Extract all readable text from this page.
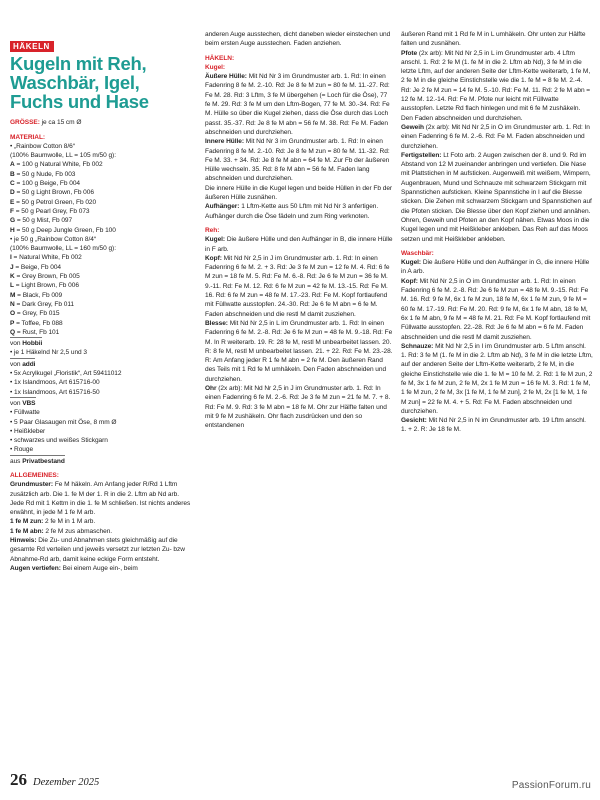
HÄKELN
Kugeln mit Reh,
Waschbär, Igel,
Fuchs und Hase

GRÖSSE: je ca 15 cm Ø

MATERIAL:

• „Rainbow Cotton 8/6“

(100% Baumwolle, LL = 105 m/50 g):

A = 100 g Natural White, Fb 002

B = 50 g Nude, Fb 003

C = 100 g Beige, Fb 004

D = 50 g Light Brown, Fb 006

E = 50 g Petrol Green, Fb 020

F = 50 g Pearl Grey, Fb 073

G = 50 g Mist, Fb 097

H = 50 g Deep Jungle Green, Fb 100

• je 50 g „Rainbow Cotton 8/4“

(100% Baumwolle, LL = 160 m/50 g):

I = Natural White, Fb 002

J = Beige, Fb 004

K = Grey Brown, Fb 005

L = Light Brown, Fb 006

M = Black, Fb 009

N = Dark Grey, Fb 011

O = Grey, Fb 015

P = Toffee, Fb 088

Q = Rust, Fb 101

von Hobbii

• je 1 Häkelnd Nr 2,5 und 3

von addi

• 5x Acrylkugel „Floristik“, Art 59411012

• 1x Islandmoos, Art 615716-00

• 1x Islandmoos, Art 615716-50

von VBS

• Füllwatte

• 5 Paar Glasaugen mit Öse, 8 mm Ø

• Heißkleber

• schwarzes und weißes Stickgarn

• Rouge

aus Privatbestand

ALLGEMEINES:

Grundmuster: Fe M häkeln. Am Anfang jeder R/Rd 1 Lftm zusätzlich arb. Die 1. fe M der 1. R in die 2. Lftm ab Nd arb. Jede Rd mit 1 Kettm in die 1. fe M schließen. Ist nichts anderes erwähnt, in jede M 1 fe M arb.

1 fe M zun: 2 fe M in 1 M arb.

1 fe M abn: 2 fe M zus abmaschen.

Hinweis: Die Zu- und Abnahmen stets gleichmäßig auf die gesamte Rd verteilen und jeweils versetzt zur letzten Zu- bzw Abnahme-Rd arb, damit keine eckige Form entsteht.

Augen vertiefen: Bei einem Auge ein-, beim

anderen Auge ausstechen, dicht daneben wieder einstechen und beim ersten Auge ausstechen. Faden anziehen.

HÄKELN:

Kugel:

Äußere Hülle: Mit Nd Nr 3 im Grundmuster arb. 1. Rd: In einen Fadenring 8 fe M. 2.-10. Rd: Je 8 fe M zun = 80 fe M. 11.-27. Rd: Fe M. 28. Rd: 3 Lftm, 3 fe M übergehen (= Loch für die Öse), 77 fe M. 29. Rd: 3 fe M um den Lftm-Bogen, 77 fe M. 30.-34. Rd: Fe M. Hülle so über die Kugel ziehen, dass die Öse durch das Loch passt. 35.-37. Rd: Je 8 fe M abn = 56 fe M. 38. Rd: Fe M. Faden abschneiden und durchziehen.

Innere Hülle: Mit Nd Nr 3 im Grundmuster arb. 1. Rd: In einen Fadenring 8 fe M. 2.-10. Rd: Je 8 fe M zun = 80 fe M. 11.-32. Rd: Fe M. 33. + 34. Rd: Je 8 fe M abn = 64 fe M. Zur Fb der äußeren Hülle wechseln. 35. Rd: 8 fe M abn = 56 fe M. Faden lang abschneiden und durchziehen.

Die innere Hülle in die Kugel legen und beide Hüllen in der Fb der äußeren Hülle zusnähen.

Aufhänger: 1 Lftm-Kette aus 50 Lftm mit Nd Nr 3 anfertigen. Aufhänger durch die Öse fädeln und zum Ring verknoten.

Reh:

Kugel: Die äußere Hülle und den Aufhänger in B, die innere Hülle in F arb.

Kopf: Mit Nd Nr 2,5 in J im Grundmuster arb. 1. Rd: In einen Fadenring 6 fe M. 2. + 3. Rd: Je 3 fe M zun = 12 fe M. 4. Rd: 6 fe M zun = 18 fe M. 5. Rd: Fe M. 6.-8. Rd: Je 6 fe M zun = 36 fe M. 9.-11. Rd: Fe M. 12. Rd: 6 fe M zun = 42 fe M. 13.-15. Rd: Fe M. 16. Rd: 6 fe M zun = 48 fe M. 17.-23. Rd: Fe M. Kopf fortlaufend mit Füllwatte ausstopfen. 24.-30. Rd: Je 6 fe M abn = 6 fe M. Faden abschneiden und die restl M damit zusziehen.

Blesse: Mit Nd Nr 2,5 in L im Grundmuster arb. 1. Rd: In einen Fadenring 6 fe M. 2.-8. Rd: Je 6 fe M zun = 48 fe M. 9.-18. Rd: Fe M. In R weiterarb. 19. R: 28 fe M, restl M unbearbeitet lassen. 20. R: 8 fe M, restl M unbearbeitet lassen. 21. + 22. Rd: Fe M. 23.-28. R: Am Anfang jeder R 1 fe M abn = 2 fe M. Den äußeren Rand des Teils mit 1 Rd fe M umhäkeln. Den Faden abschneiden und durchziehen.

Ohr (2x arb): Mit Nd Nr 2,5 in J im Grundmuster arb. 1. Rd: In einen Fadenring 6 fe M. 2.-6. Rd: Je 3 fe M zun = 21 fe M. 7. + 8. Rd: Fe M. 9. Rd: 3 fe M abn = 18 fe M. Ohr zur Hälfte falten und mit 9 fe M zushäkeln. Ohr flach zusdrücken und den so entstandenen

äußeren Rand mit 1 Rd fe M in L umhäkeln. Ohr unten zur Hälfte falten und zusnähen.

Pfote (2x arb): Mit Nd Nr 2,5 in L im Grundmuster arb. 4 Lftm anschl. 1. Rd: 2 fe M (1. fe M in die 2. Lftm ab Nd), 3 fe M in die letzte Lftm, auf der anderen Seite der Lftm-Kette weiterarb, 1 fe M, 2 fe M in die gleiche Einstichstelle wie die 1. fe M = 8 fe M. 2.-4. Rd: Je 2 fe M zun = 14 fe M. 5.-10. Rd: Fe M. 11. Rd: 2 fe M abn = 12 fe M. 12.-14. Rd: Fe M. Pfote nur leicht mit Füllwatte ausstopfen. Letzte Rd flach hinlegen und mit 6 fe M zushäkeln. Den Faden abschneiden und durchziehen.

Geweih (2x arb): Mit Nd Nr 2,5 in O im Grundmuster arb. 1. Rd: In einen Fadenring 6 fe M. 2.-6. Rd: Fe M. Faden abschneiden und durchziehen.

Fertigstellen: Lt Foto arb. 2 Augen zwischen der 8. und 9. Rd im Abstand von 12 M zueinander anbringen und vertiefen. Die Nase mit Plattstichen in M aufsticken. Augenweiß mit weißem, Wimpern, Augenbrauen, Mund und Schnauze mit schwarzem Stickgarn mit Spannstichen aufsticken. Kleine Spannstiche in I auf die Blesse sticken. Die Zehen mit schwarzem Stickgarn und Spannstichen auf die Pfoten sticken. Die Blesse über den Kopf ziehen und annähen. Ohren, Geweih und Pfoten an den Kopf nähen. Etwas Moos in die Kugel legen und mit Heißkleber ankleben. Das Reh auf das Moos setzen und mit Heißkleber ankleben.

Waschbär:

Kugel: Die äußere Hülle und den Aufhänger in G, die innere Hülle in A arb.

Kopf: Mit Nd Nr 2,5 in O im Grundmuster arb. 1. Rd: In einen Fadenring 6 fe M. 2.-8. Rd: Je 6 fe M zun = 48 fe M. 9.-15. Rd: Fe M. 16. Rd: 9 fe M, 6x 1 fe M zun, 18 fe M, 6x 1 fe M zun, 9 fe M = 60 fe M. 17.-19. Rd: Fe M. 20. Rd: 9 fe M, 6x 1 fe M abn, 18 fe M, 6x 1 fe M abn, 9 fe M = 48 fe M. 21. Rd: Fe M. Kopf fortlaufend mit Füllwatte ausstopfen. 22.-28. Rd: Je 6 fe M abn = 6 fe M. Faden abschneiden und die restl M damit zusziehen.

Schnauze: Mit Nd Nr 2,5 in I im Grundmuster arb. 5 Lftm anschl. 1. Rd: 3 fe M (1. fe M in die 2. Lftm ab Nd), 3 fe M in die letzte Lftm, auf der anderen Seite der Lftm-Kette weiterarb, 2 fe M, in die gleiche Einstichstelle wie die 1. fe M = 10 fe M. 2. Rd: 1 fe M zun, 2 fe M, 3x 1 fe M zun, 2 fe M, 2x 1 fe M zun = 16 fe M. 3. Rd: 1 fe M, 1 fe M zun, 2 fe M, 3x [1 fe M, 1 fe M zun], 2 fe M, 2x [1 fe M, 1 fe M zun] = 22 fe M. 4. + 5. Rd: Fe M. Faden abschneiden und durchziehen.

Gesicht: Mit Nd Nr 2,5 in N im Grundmuster arb. 19 Lftm anschl. 1. + 2. R: Je 18 fe M.

26 Dezember 2025	PassionForum.ru
